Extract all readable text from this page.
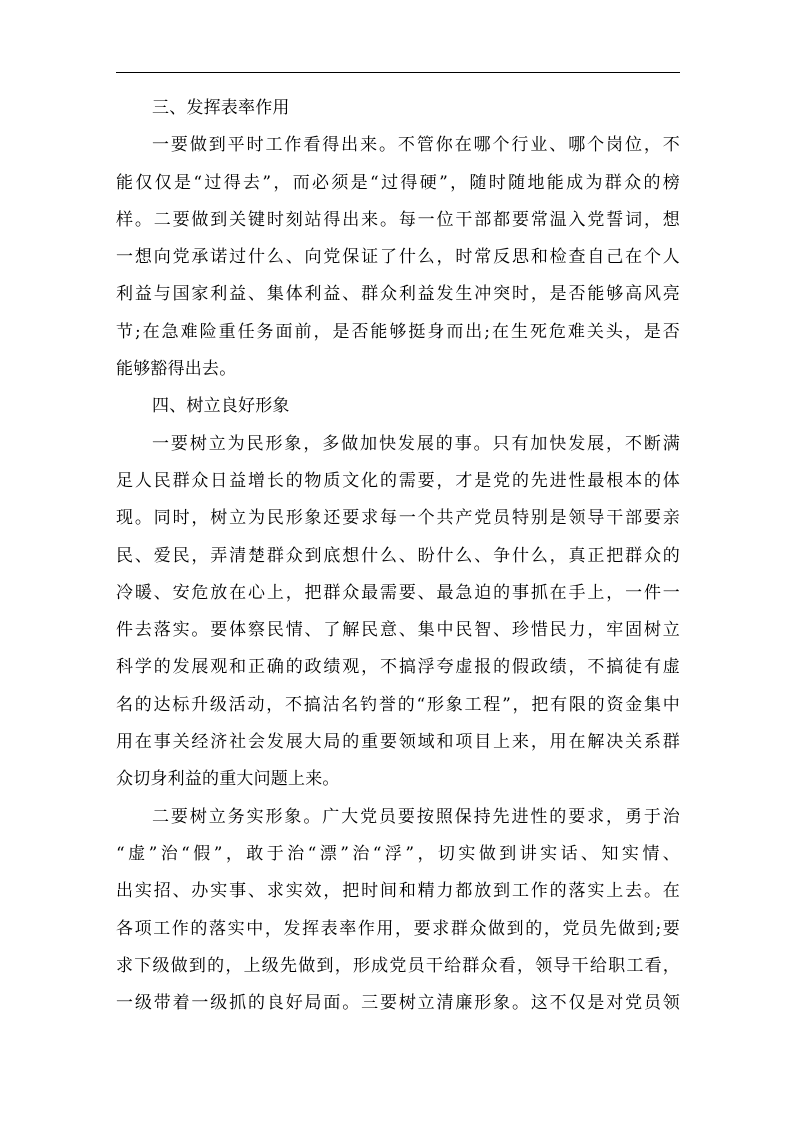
三、发挥表率作用
一要做到平时工作看得出来。不管你在哪个行业、哪个岗位，不
能仅仅是“过得去”，而必须是“过得硬”，随时随地能成为群众的榜
样。二要做到关键时刻站得出来。每一位干部都要常温入党誓词，想
一想向党承诺过什么、向党保证了什么，时常反思和检查自己在个人
利益与国家利益、集体利益、群众利益发生冲突时，是否能够高风亮
节;在急难险重任务面前，是否能够挺身而出;在生死危难关头，是否
能够豁得出去。
四、树立良好形象
一要树立为民形象，多做加快发展的事。只有加快发展，不断满
足人民群众日益增长的物质文化的需要，才是党的先进性最根本的体
现。同时，树立为民形象还要求每一个共产党员特别是领导干部要亲
民、爱民，弄清楚群众到底想什么、盼什么、争什么，真正把群众的
冷暖、安危放在心上，把群众最需要、最急迫的事抓在手上，一件一
件去落实。要体察民情、了解民意、集中民智、珍惜民力，牢固树立
科学的发展观和正确的政绩观，不搞浮夸虚报的假政绩，不搞徒有虚
名的达标升级活动，不搞沽名钓誉的“形象工程”，把有限的资金集中
用在事关经济社会发展大局的重要领域和项目上来，用在解决关系群
众切身利益的重大问题上来。
二要树立务实形象。广大党员要按照保持先进性的要求，勇于治
“虚”治“假”，敢于治“漂”治“浮”，切实做到讲实话、知实情、
出实招、办实事、求实效，把时间和精力都放到工作的落实上去。在
各项工作的落实中，发挥表率作用，要求群众做到的，党员先做到;要
求下级做到的，上级先做到，形成党员干给群众看，领导干给职工看，
一级带着一级抓的良好局面。三要树立清廉形象。这不仅是对党员领
